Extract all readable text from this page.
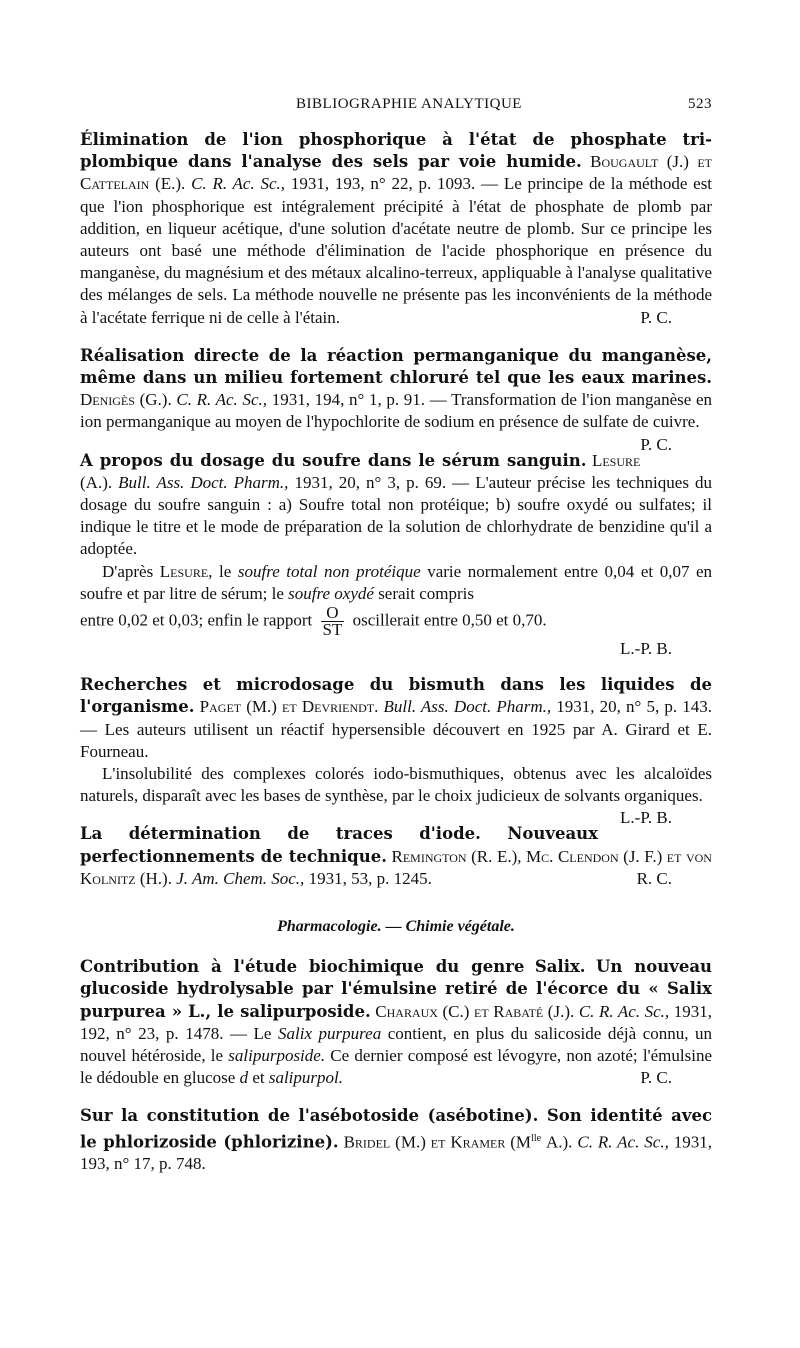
BIBLIOGRAPHIE ANALYTIQUE	523

Élimination de l'ion phosphorique à l'état de phosphate tri-plombique dans l'analyse des sels par voie humide. Bougault (J.) et Cattelain (E.). C. R. Ac. Sc., 1931, 193, n° 22, p. 1093. — Le principe de la méthode est que l'ion phosphorique est intégralement précipité à l'état de phosphate de plomb par addition, en liqueur acétique, d'une solution d'acétate neutre de plomb. Sur ce principe les auteurs ont basé une méthode d'élimination de l'acide phosphorique en présence du manganèse, du magnésium et des métaux alcalino-terreux, appliquable à l'analyse qualitative des mélanges de sels. La méthode nouvelle ne présente pas les inconvénients de la méthode à l'acétate ferrique ni de celle à l'étain.	P. C.

Réalisation directe de la réaction permanganique du manganèse, même dans un milieu fortement chloruré tel que les eaux marines. Denigès (G.). C. R. Ac. Sc., 1931, 194, n° 1, p. 91. — Transformation de l'ion manganèse en ion permanganique au moyen de l'hypochlorite de sodium en présence de sulfate de cuivre.
P. C.

A propos du dosage du soufre dans le sérum sanguin. Lesure (A.). Bull. Ass. Doct. Pharm., 1931, 20, n° 3, p. 69. — L'auteur précise les techniques du dosage du soufre sanguin : a) Soufre total non protéique; b) soufre oxydé ou sulfates; il indique le titre et le mode de préparation de la solution de chlorhydrate de benzidine qu'il a adoptée.

D'après Lesure, le soufre total non protéique varie normalement entre 0,04 et 0,07 en soufre et par litre de sérum; le soufre oxydé serait compris

entre 0,02 et 0,03; enfin le rapport $\frac{O}{ST}$ oscillerait entre 0,50 et 0,70.

L.-P. B.

Recherches et microdosage du bismuth dans les liquides de l'organisme. Paget (M.) et Devriendt. Bull. Ass. Doct. Pharm., 1931, 20, n° 5, p. 143. — Les auteurs utilisent un réactif hypersensible découvert en 1925 par A. Girard et E. Fourneau.

L'insolubilité des complexes colorés iodo-bismuthiques, obtenus avec les alcaloïdes naturels, disparaît avec les bases de synthèse, par le choix judicieux de solvants organiques.
L.-P. B.

La détermination de traces d'iode. Nouveaux perfectionnements de technique. Remington (R. E.), Mc. Clendon (J. F.) et von Kolnitz (H.). J. Am. Chem. Soc., 1931, 53, p. 1245.	R. C.

Pharmacologie. — Chimie végétale.

Contribution à l'étude biochimique du genre Salix. Un nouveau glucoside hydrolysable par l'émulsine retiré de l'écorce du « Salix purpurea » L., le salipurposide. Charaux (C.) et Rabaté (J.). C. R. Ac. Sc., 1931, 192, n° 23, p. 1478. — Le Salix purpurea contient, en plus du salicoside déjà connu, un nouvel hétéroside, le salipurposide. Ce dernier composé est lévogyre, non azoté; l'émulsine le dédouble en glucose d et salipurpol.	P. C.

Sur la constitution de l'asébotoside (asébotine). Son identité avec le phlorizoside (phlorizine). Bridel (M.) et Kramer ($M^{lle}$ A.). C. R. Ac. Sc., 1931, 193, n° 17, p. 748.
